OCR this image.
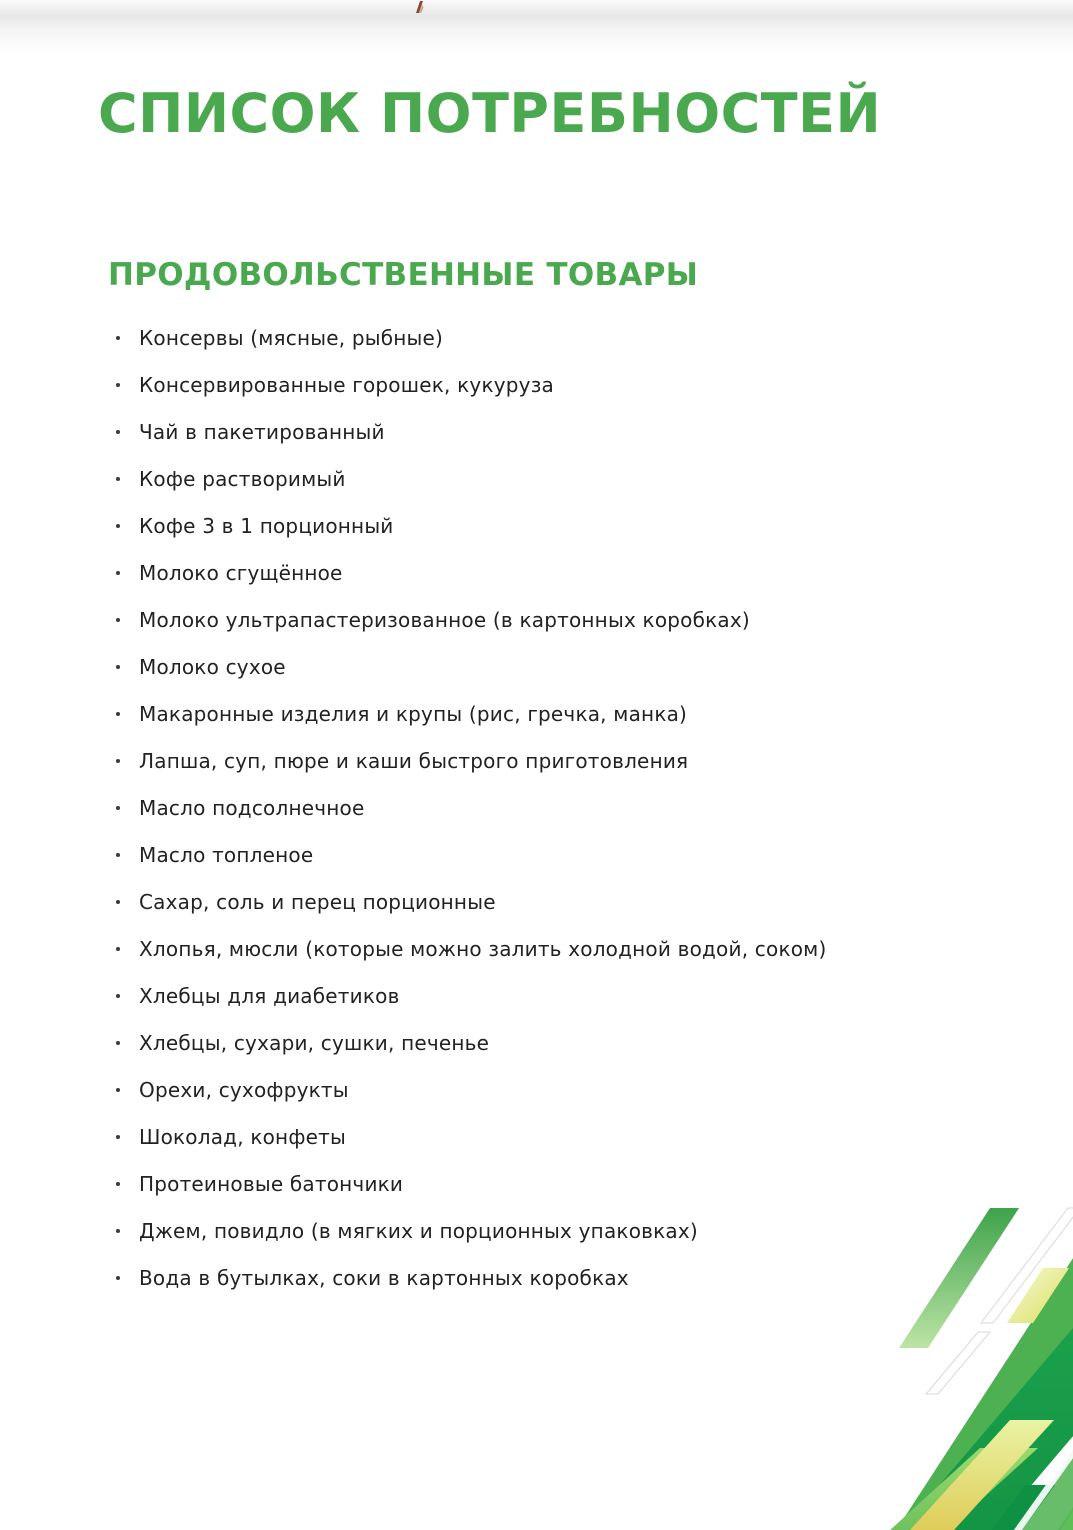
СПИСОК ПОТРЕБНОСТЕЙ
ПРОДОВОЛЬСТВЕННЫЕ ТОВАРЫ
Консервы (мясные, рыбные)
Консервированные горошек, кукуруза
Чай в пакетированный
Кофе растворимый
Кофе 3 в 1 порционный
Молоко сгущённое
Молоко ультрапастеризованное (в картонных коробках)
Молоко сухое
Макаронные изделия и крупы (рис, гречка, манка)
Лапша, суп, пюре и каши быстрого приготовления
Масло подсолнечное
Масло топленое
Сахар, соль и перец порционные
Хлопья, мюсли (которые можно залить холодной водой, соком)
Хлебцы для диабетиков
Хлебцы, сухари, сушки, печенье
Орехи, сухофрукты
Шоколад, конфеты
Протеиновые батончики
Джем, повидло (в мягких и порционных упаковках)
Вода в бутылках, соки в картонных коробках
